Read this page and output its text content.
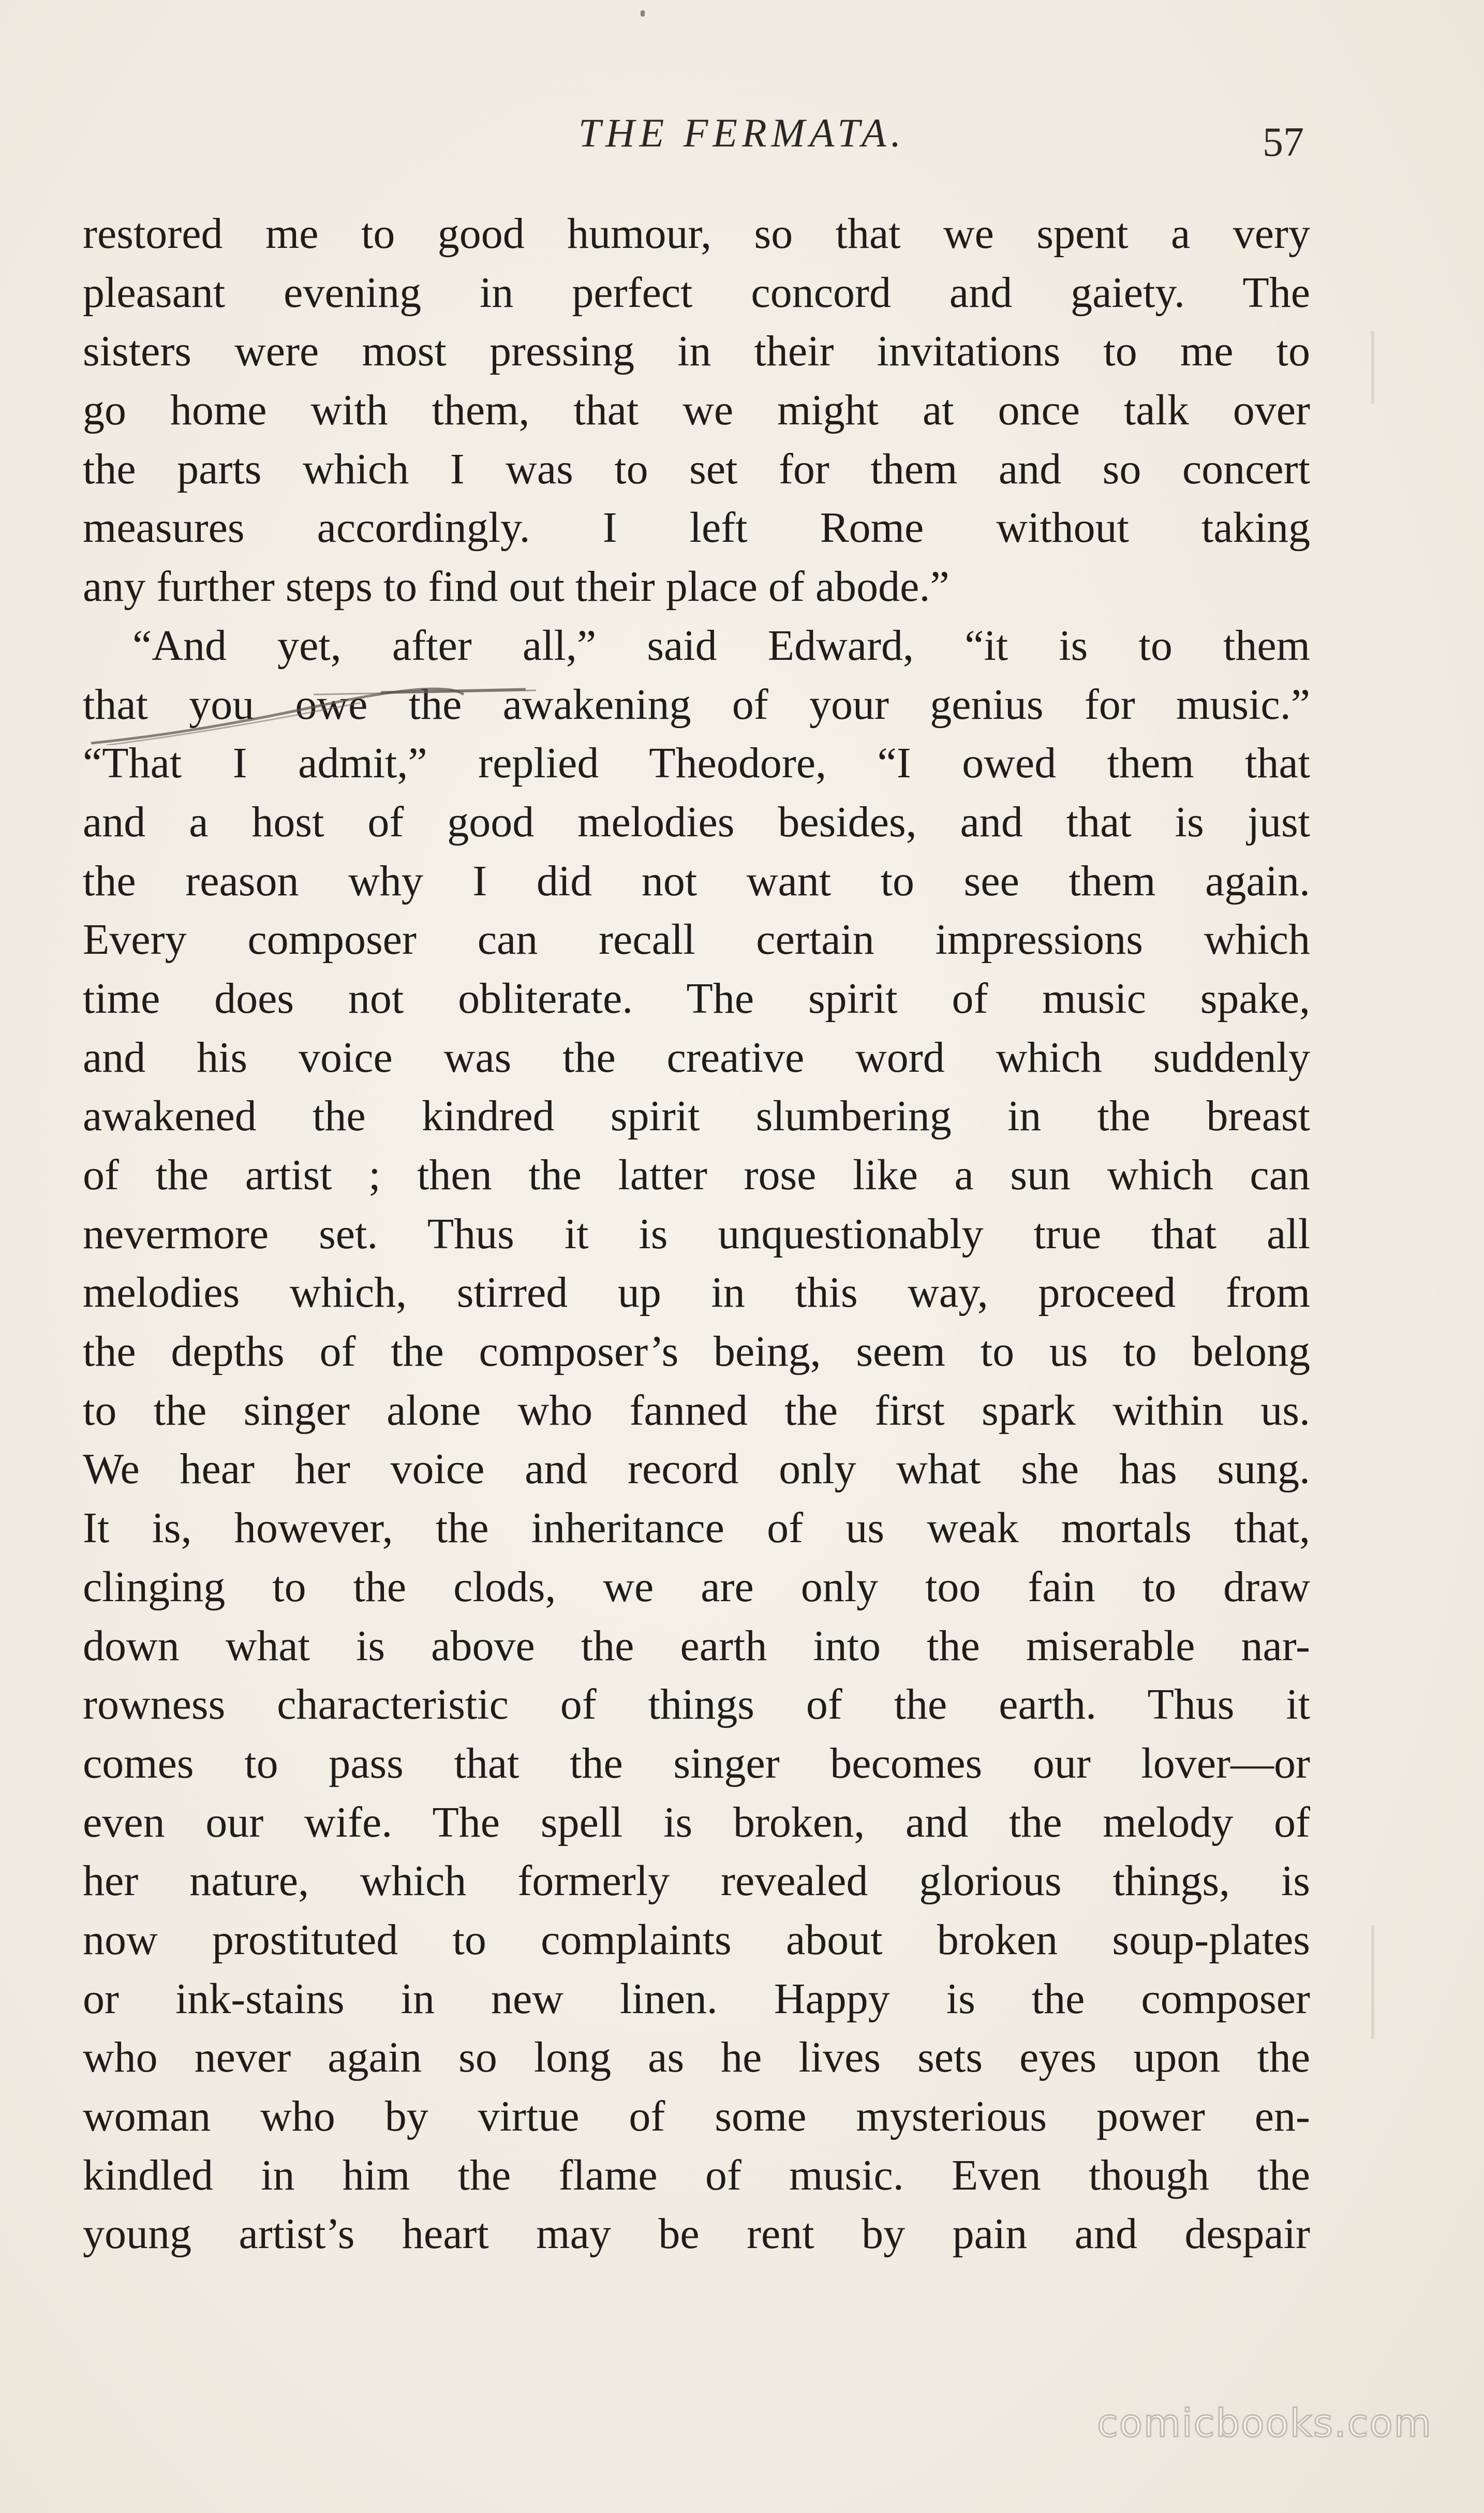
THE FERMATA.	57
restored me to good humour, so that we spent a very
pleasant evening in perfect concord and gaiety. The
sisters were most pressing in their invitations to me to
go home with them, that we might at once talk over
the parts which I was to set for them and so concert
measures accordingly. I left Rome without taking
any further steps to find out their place of abode.”
“And yet, after all,” said Edward, “it is to them
that you owe the awakening of your genius for music.”
“That I admit,” replied Theodore, “I owed them that
and a host of good melodies besides, and that is just
the reason why I did not want to see them again.
Every composer can recall certain impressions which
time does not obliterate. The spirit of music spake,
and his voice was the creative word which suddenly
awakened the kindred spirit slumbering in the breast
of the artist ; then the latter rose like a sun which can
nevermore set. Thus it is unquestionably true that all
melodies which, stirred up in this way, proceed from
the depths of the composer’s being, seem to us to belong
to the singer alone who fanned the first spark within us.
We hear her voice and record only what she has sung.
It is, however, the inheritance of us weak mortals that,
clinging to the clods, we are only too fain to draw
down what is above the earth into the miserable nar-
rowness characteristic of things of the earth. Thus it
comes to pass that the singer becomes our lover—or
even our wife. The spell is broken, and the melody of
her nature, which formerly revealed glorious things, is
now prostituted to complaints about broken soup-plates
or ink-stains in new linen. Happy is the composer
who never again so long as he lives sets eyes upon the
woman who by virtue of some mysterious power en-
kindled in him the flame of music. Even though the
young artist’s heart may be rent by pain and despair
comicbooks.com
